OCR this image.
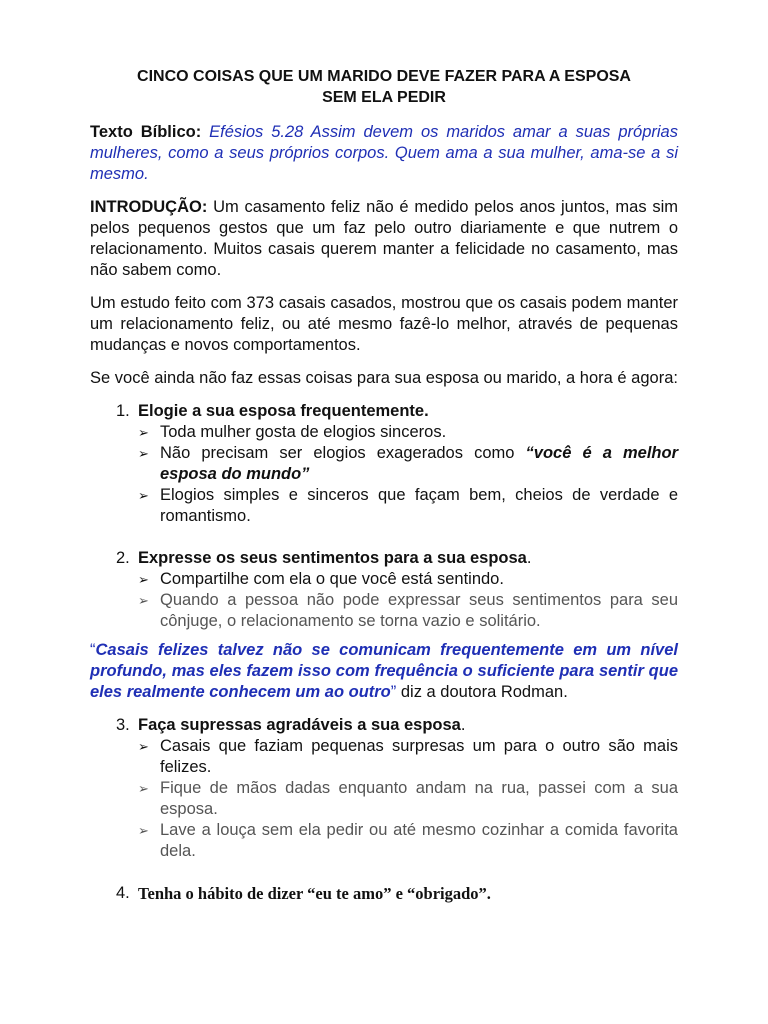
CINCO COISAS QUE UM MARIDO DEVE FAZER PARA A ESPOSA
SEM ELA PEDIR

Texto Bíblico: Efésios 5.28 Assim devem os maridos amar a suas próprias mulheres, como a seus próprios corpos. Quem ama a sua mulher, ama-se a si mesmo.

INTRODUÇÃO: Um casamento feliz não é medido pelos anos juntos, mas sim pelos pequenos gestos que um faz pelo outro diariamente e que nutrem o relacionamento. Muitos casais querem manter a felicidade no casamento, mas não sabem como.

Um estudo feito com 373 casais casados, mostrou que os casais podem manter um relacionamento feliz, ou até mesmo fazê-lo melhor, através de pequenas mudanças e novos comportamentos.

Se você ainda não faz essas coisas para sua esposa ou marido, a hora é agora:

1. Elogie a sua esposa frequentemente.
➢ Toda mulher gosta de elogios sinceros.
➢ Não precisam ser elogios exagerados como “você é a melhor esposa do mundo”
➢ Elogios simples e sinceros que façam bem, cheios de verdade e romantismo.
2. Expresse os seus sentimentos para a sua esposa.
➢ Compartilhe com ela o que você está sentindo.
➢ Quando a pessoa não pode expressar seus sentimentos para seu cônjuge, o relacionamento se torna vazio e solitário.

“Casais felizes talvez não se comunicam frequentemente em um nível profundo, mas eles fazem isso com frequência o suficiente para sentir que eles realmente conhecem um ao outro” diz a doutora Rodman.

3. Faça supressas agradáveis a sua esposa.
➢ Casais que faziam pequenas surpresas um para o outro são mais felizes.
➢ Fique de mãos dadas enquanto andam na rua, passei com a sua esposa.
➢ Lave a louça sem ela pedir ou até mesmo cozinhar a comida favorita dela.
4. Tenha o hábito de dizer “eu te amo” e “obrigado”.
